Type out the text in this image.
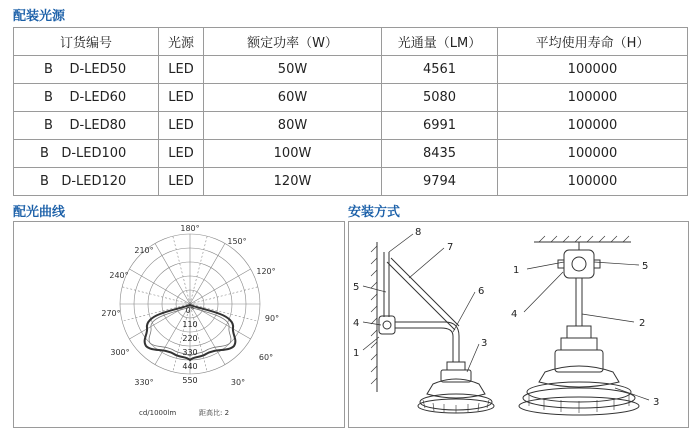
配装光源
订货编号	光源	额定功率（W）	光通量（LM）	平均使用寿命（H）
B    D-LED50	LED	50W	4561	100000
B    D-LED60	LED	60W	5080	100000
B    D-LED80	LED	80W	6991	100000
B   D-LED100	LED	100W	8435	100000
B   D-LED120	LED	120W	9794	100000
配光曲线	安装方式
180°
150°
120°
90°
60°
30°
0°
330°
300°
270°
240°
210°
110
220
330
440
550
cd/1000lm	距高比: 2
8
7
5	6
4
1
3
1	5
4
2
3
